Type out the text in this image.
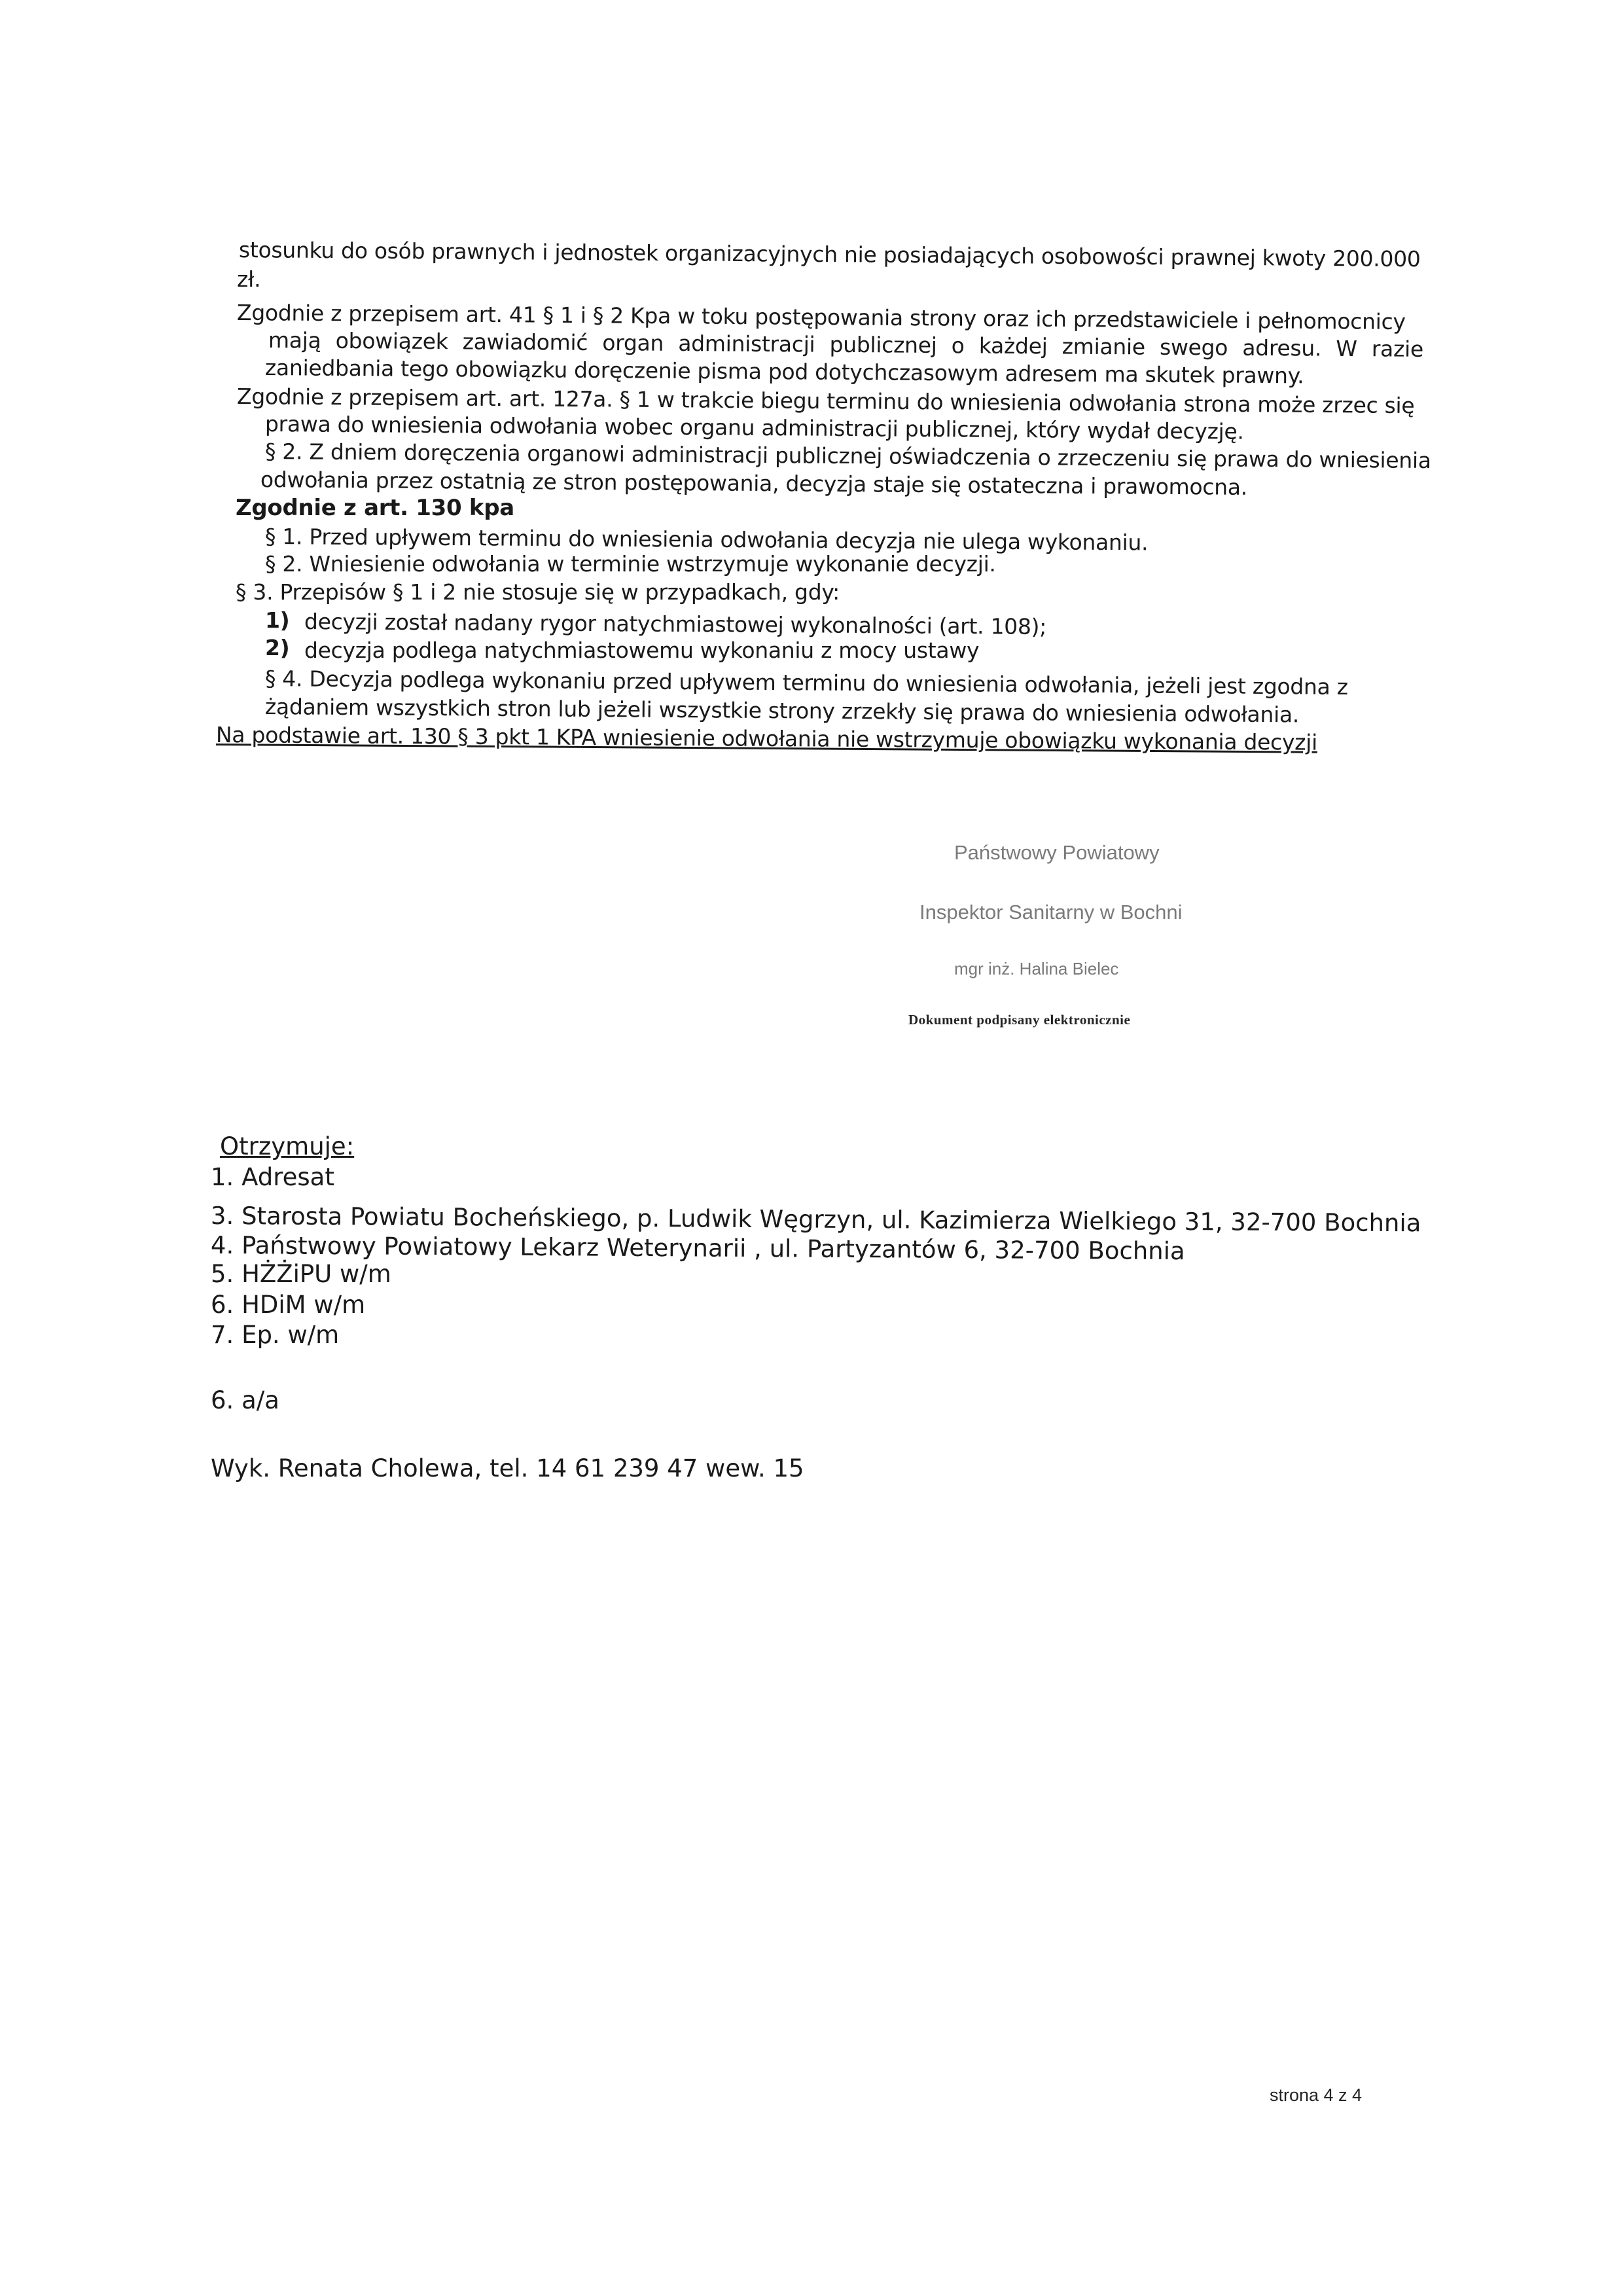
stosunku do osób prawnych i jednostek organizacyjnych nie posiadających osobowości prawnej kwoty 200.000
zł.
Zgodnie z przepisem art. 41 § 1 i § 2 Kpa w toku postępowania strony oraz ich przedstawiciele i pełnomocnicy
mają obowiązek zawiadomić organ administracji publicznej o każdej zmianie swego adresu. W razie
zaniedbania tego obowiązku doręczenie pisma pod dotychczasowym adresem ma skutek prawny.
Zgodnie z przepisem art. art. 127a. § 1 w trakcie biegu terminu do wniesienia odwołania strona może zrzec się
prawa do wniesienia odwołania wobec organu administracji publicznej, który wydał decyzję.
§ 2. Z dniem doręczenia organowi administracji publicznej oświadczenia o zrzeczeniu się prawa do wniesienia
odwołania przez ostatnią ze stron postępowania, decyzja staje się ostateczna i prawomocna.
Zgodnie z art. 130 kpa
§ 1. Przed upływem terminu do wniesienia odwołania decyzja nie ulega wykonaniu.
§ 2. Wniesienie odwołania w terminie wstrzymuje wykonanie decyzji.
§ 3. Przepisów § 1 i 2 nie stosuje się w przypadkach, gdy:
1) decyzji został nadany rygor natychmiastowej wykonalności (art. 108);
2) decyzja podlega natychmiastowemu wykonaniu z mocy ustawy
§ 4. Decyzja podlega wykonaniu przed upływem terminu do wniesienia odwołania, jeżeli jest zgodna z
żądaniem wszystkich stron lub jeżeli wszystkie strony zrzekły się prawa do wniesienia odwołania.
Na podstawie art. 130 § 3 pkt 1 KPA wniesienie odwołania nie wstrzymuje obowiązku wykonania decyzji
Państwowy Powiatowy
Inspektor Sanitarny w Bochni
mgr inż. Halina Bielec
Dokument podpisany elektronicznie
Otrzymuje:
1. Adresat
3. Starosta Powiatu Bocheńskiego, p. Ludwik Węgrzyn, ul. Kazimierza Wielkiego 31, 32-700 Bochnia
4. Państwowy Powiatowy Lekarz Weterynarii , ul. Partyzantów 6, 32-700 Bochnia
5. HŻŻiPU w/m
6. HDiM w/m
7. Ep. w/m
6. a/a
Wyk. Renata Cholewa, tel. 14 61 239 47 wew. 15
strona 4 z 4
